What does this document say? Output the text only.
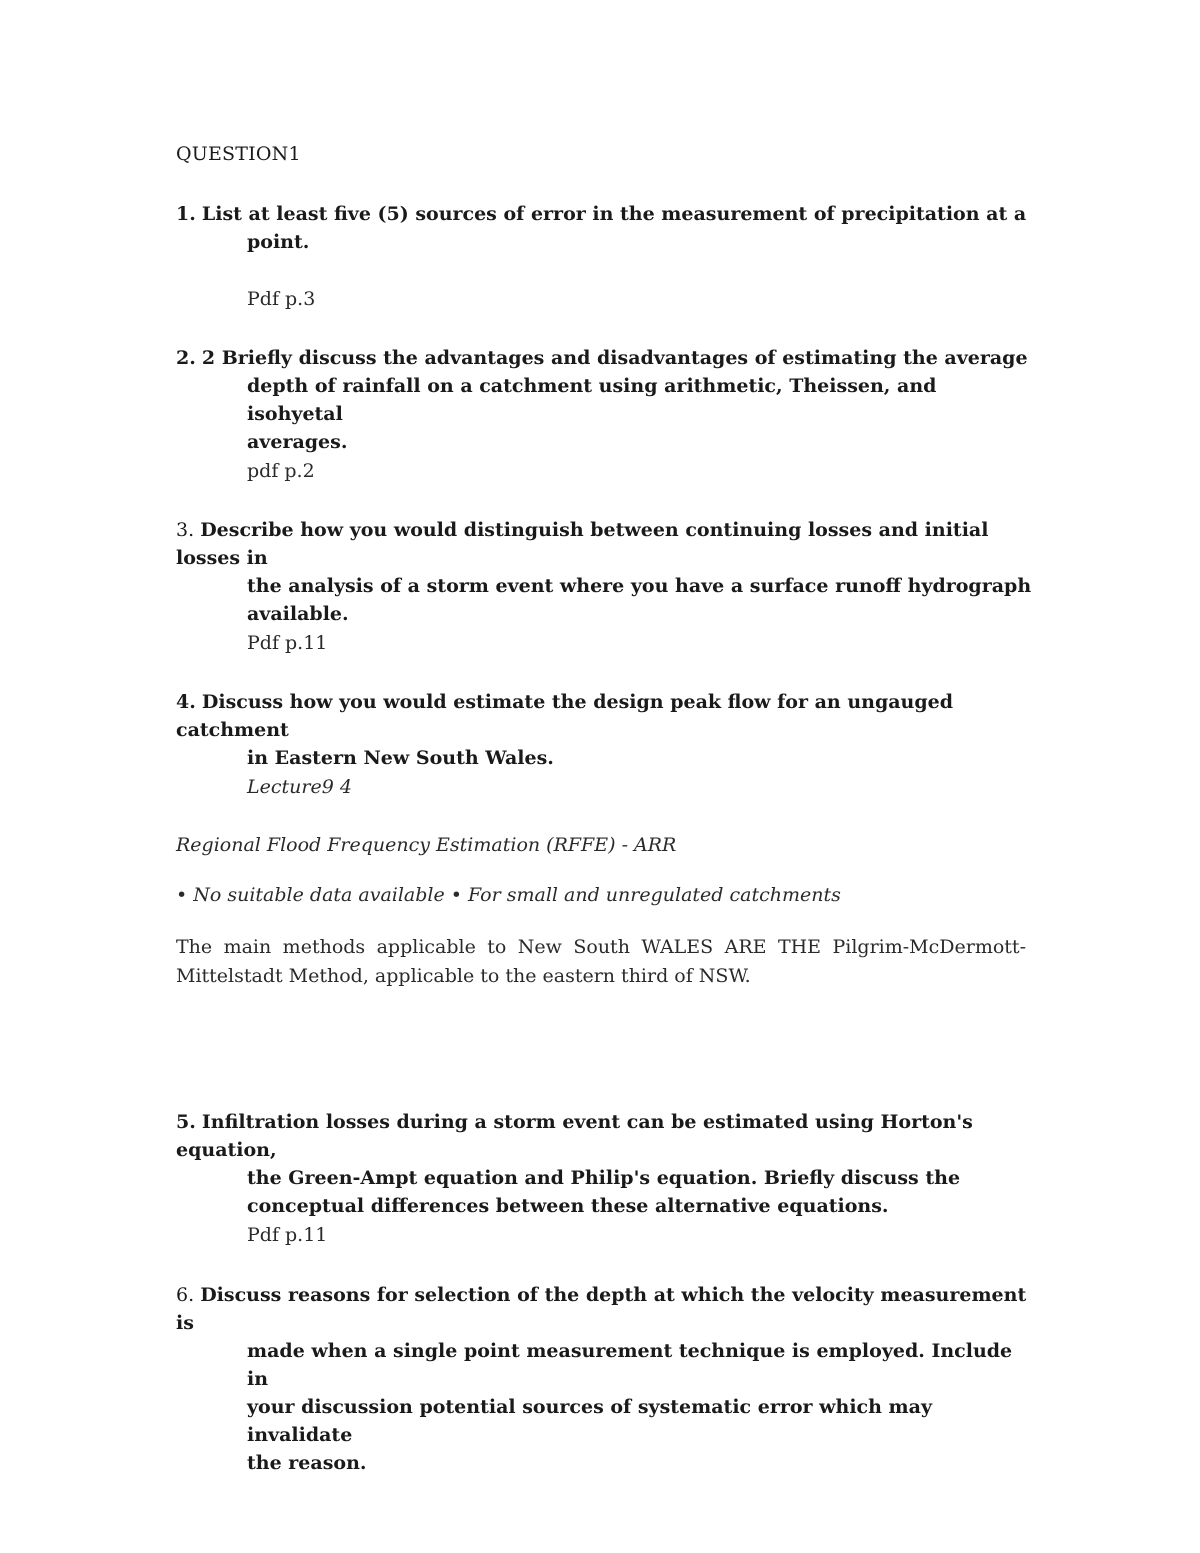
QUESTION1
1. List at least five (5) sources of error in the measurement of precipitation at a
point.
Pdf p.3
2. 2 Briefly discuss the advantages and disadvantages of estimating the average
depth of rainfall on a catchment using arithmetic, Theissen, and isohyetal
averages.
pdf p.2
3. Describe how you would distinguish between continuing losses and initial losses in
the analysis of a storm event where you have a surface runoff hydrograph
available.
Pdf p.11
4. Discuss how you would estimate the design peak flow for an ungauged catchment
in Eastern New South Wales.
Lecture9 4
Regional Flood Frequency Estimation (RFFE) - ARR
• No suitable data available • For small and unregulated catchments
The main methods applicable to New South WALES ARE THE Pilgrim-McDermott-Mittelstadt Method, applicable to the eastern third of NSW.
5. Infiltration losses during a storm event can be estimated using Horton's equation,
the Green-Ampt equation and Philip's equation. Briefly discuss the
conceptual differences between these alternative equations.
Pdf p.11
6. Discuss reasons for selection of the depth at which the velocity measurement is
made when a single point measurement technique is employed. Include in
your discussion potential sources of systematic error which may invalidate
the reason.
